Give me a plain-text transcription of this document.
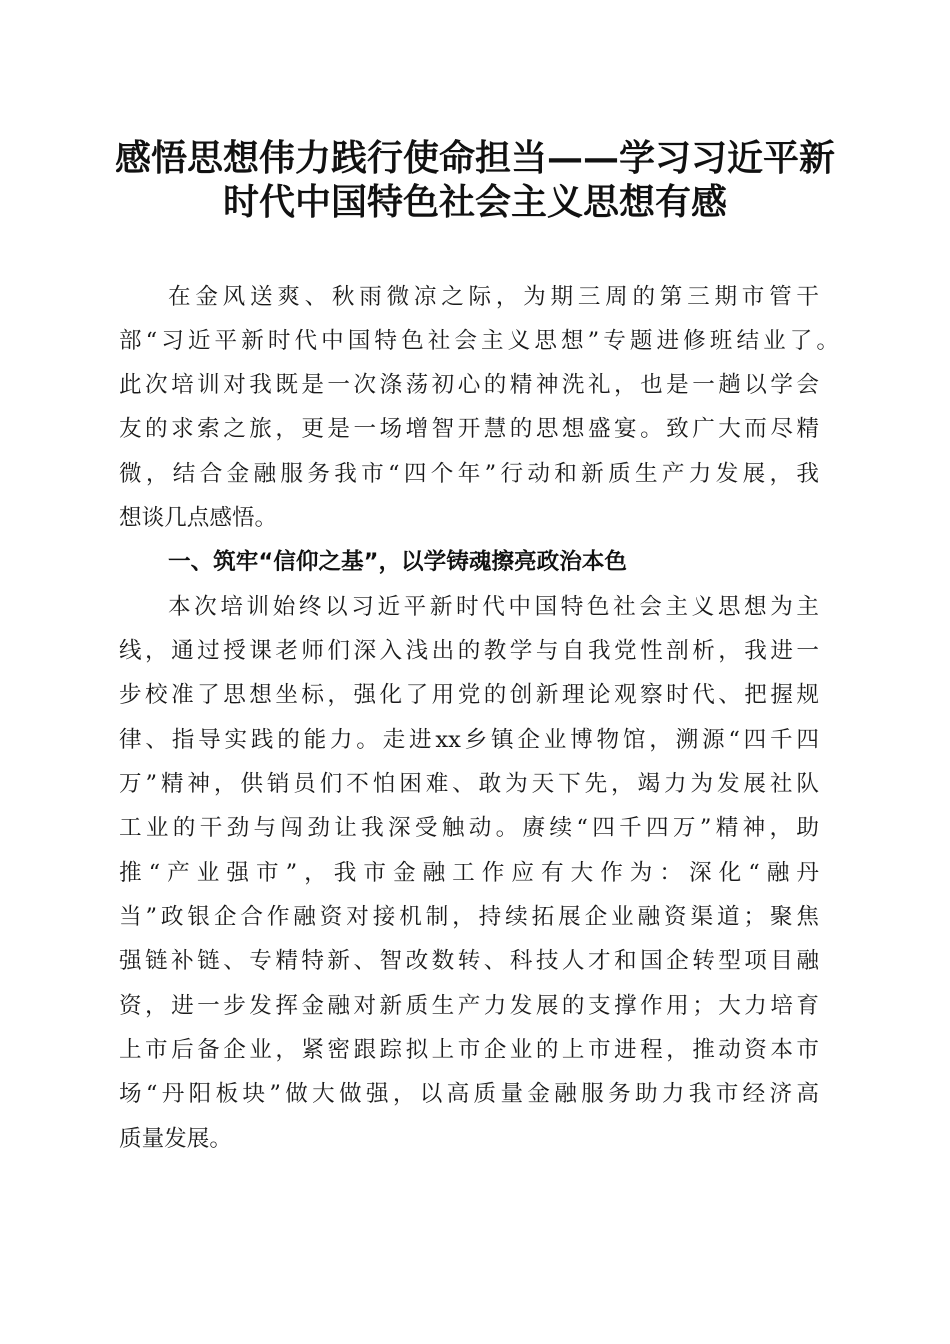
感悟思想伟力践行使命担当——学习习近平新
时代中国特色社会主义思想有感
在金风送爽、秋雨微凉之际，为期三周的第三期市管干
部“习近平新时代中国特色社会主义思想”专题进修班结业了。
此次培训对我既是一次涤荡初心的精神洗礼，也是一趟以学会
友的求索之旅，更是一场增智开慧的思想盛宴。致广大而尽精
微，结合金融服务我市“四个年”行动和新质生产力发展，我
想谈几点感悟。
一、筑牢“信仰之基”，以学铸魂擦亮政治本色
本次培训始终以习近平新时代中国特色社会主义思想为主
线，通过授课老师们深入浅出的教学与自我党性剖析，我进一
步校准了思想坐标，强化了用党的创新理论观察时代、把握规
律、指导实践的能力。走进xx乡镇企业博物馆，溯源“四千四
万”精神，供销员们不怕困难、敢为天下先，竭力为发展社队
工业的干劲与闯劲让我深受触动。赓续“四千四万”精神，助
推“产业强市”，我市金融工作应有大作为：深化“融丹
当”政银企合作融资对接机制，持续拓展企业融资渠道；聚焦
强链补链、专精特新、智改数转、科技人才和国企转型项目融
资，进一步发挥金融对新质生产力发展的支撑作用；大力培育
上市后备企业，紧密跟踪拟上市企业的上市进程，推动资本市
场“丹阳板块”做大做强，以高质量金融服务助力我市经济高
质量发展。
